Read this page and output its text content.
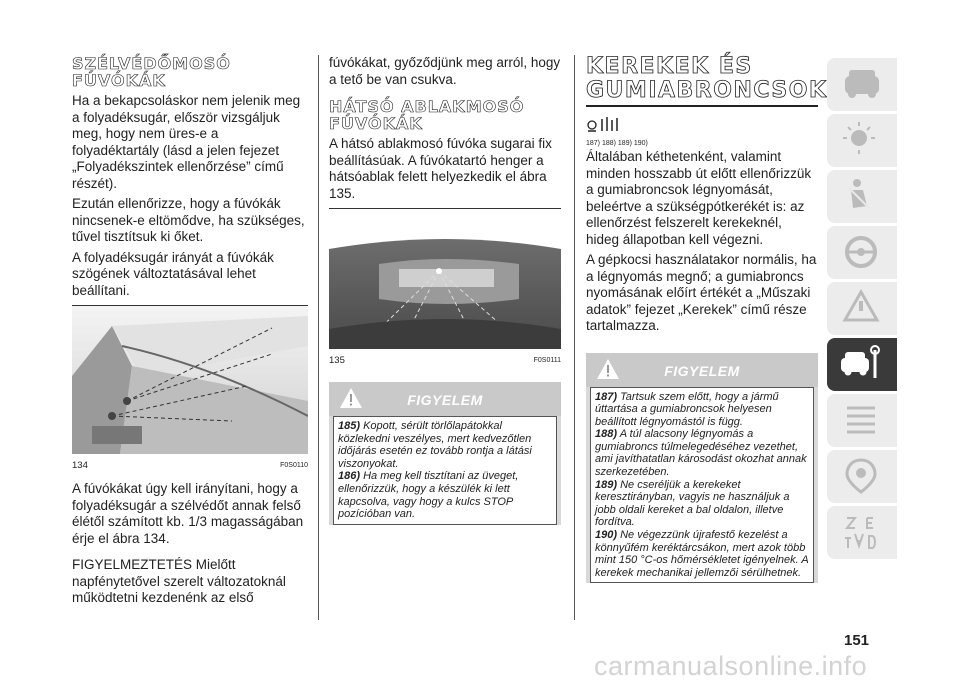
SZÉLVÉDŐMOSÓ FÚVÓKÁK

Ha a bekapcsoláskor nem jelenik meg a folyadéksugár, először vizsgáljuk meg, hogy nem üres-e a folyadéktartály (lásd a jelen fejezet „Folyadékszintek ellenőrzése” című részét).

Ezután ellenőrizze, hogy a fúvókák nincsenek-e eltömődve, ha szükséges, tűvel tisztítsuk ki őket.

A folyadéksugár irányát a fúvókák szögének változtatásával lehet beállítani.

134	F0S0110

A fúvókákat úgy kell irányítani, hogy a folyadéksugár a szélvédőt annak felső élétől számított kb. 1/3 magasságában érje el ábra 134.

FIGYELMEZTETÉS Mielőtt napfénytetővel szerelt változatoknál működtetni kezdenénk az első

fúvókákat, győződjünk meg arról, hogy a tető be van csukva.

HÁTSÓ ABLAKMOSÓ FÚVÓKÁK

A hátsó ablakmosó fúvóka sugarai fix beállításúak. A fúvókatartó henger a hátsóablak felett helyezkedik el ábra 135.

135	F0S0111
FIGYELEM

185) Kopott, sérült törlőlapátokkal közlekedni veszélyes, mert kedvezőtlen időjárás esetén ez tovább rontja a látási viszonyokat.

186) Ha meg kell tisztítani az üveget, ellenőrizzük, hogy a készülék ki lett kapcsolva, vagy hogy a kulcs STOP pozícióban van.

KEREKEK ÉS GUMIABRONCSOK
187) 188) 189) 190)

Általában kéthetenként, valamint minden hosszabb út előtt ellenőrizzük a gumiabroncsok légnyomását, beleértve a szükségpótkerékét is: az ellenőrzést felszerelt kerekeknél, hideg állapotban kell végezni.

A gépkocsi használatakor normális, ha a légnyomás megnő; a gumiabroncs nyomásának előírt értékét a „Műszaki adatok” fejezet „Kerekek” című része tartalmazza.

FIGYELEM

187) Tartsuk szem előtt, hogy a jármű úttartása a gumiabroncsok helyesen beállított légnyomástól is függ.

188) A túl alacsony légnyomás a gumiabroncs túlmelegedéséhez vezethet, ami javíthatatlan károsodást okozhat annak szerkezetében.

189) Ne cseréljük a kerekeket keresztirányban, vagyis ne használjuk a jobb oldali kereket a bal oldalon, illetve fordítva.

190) Ne végezzünk újrafestő kezelést a könnyűfém keréktárcsákon, mert azok több mint 150 °C-os hőmérsékletet igényelnek. A kerekek mechanikai jellemzői sérülhetnek.

151
carmanualsonline.info
